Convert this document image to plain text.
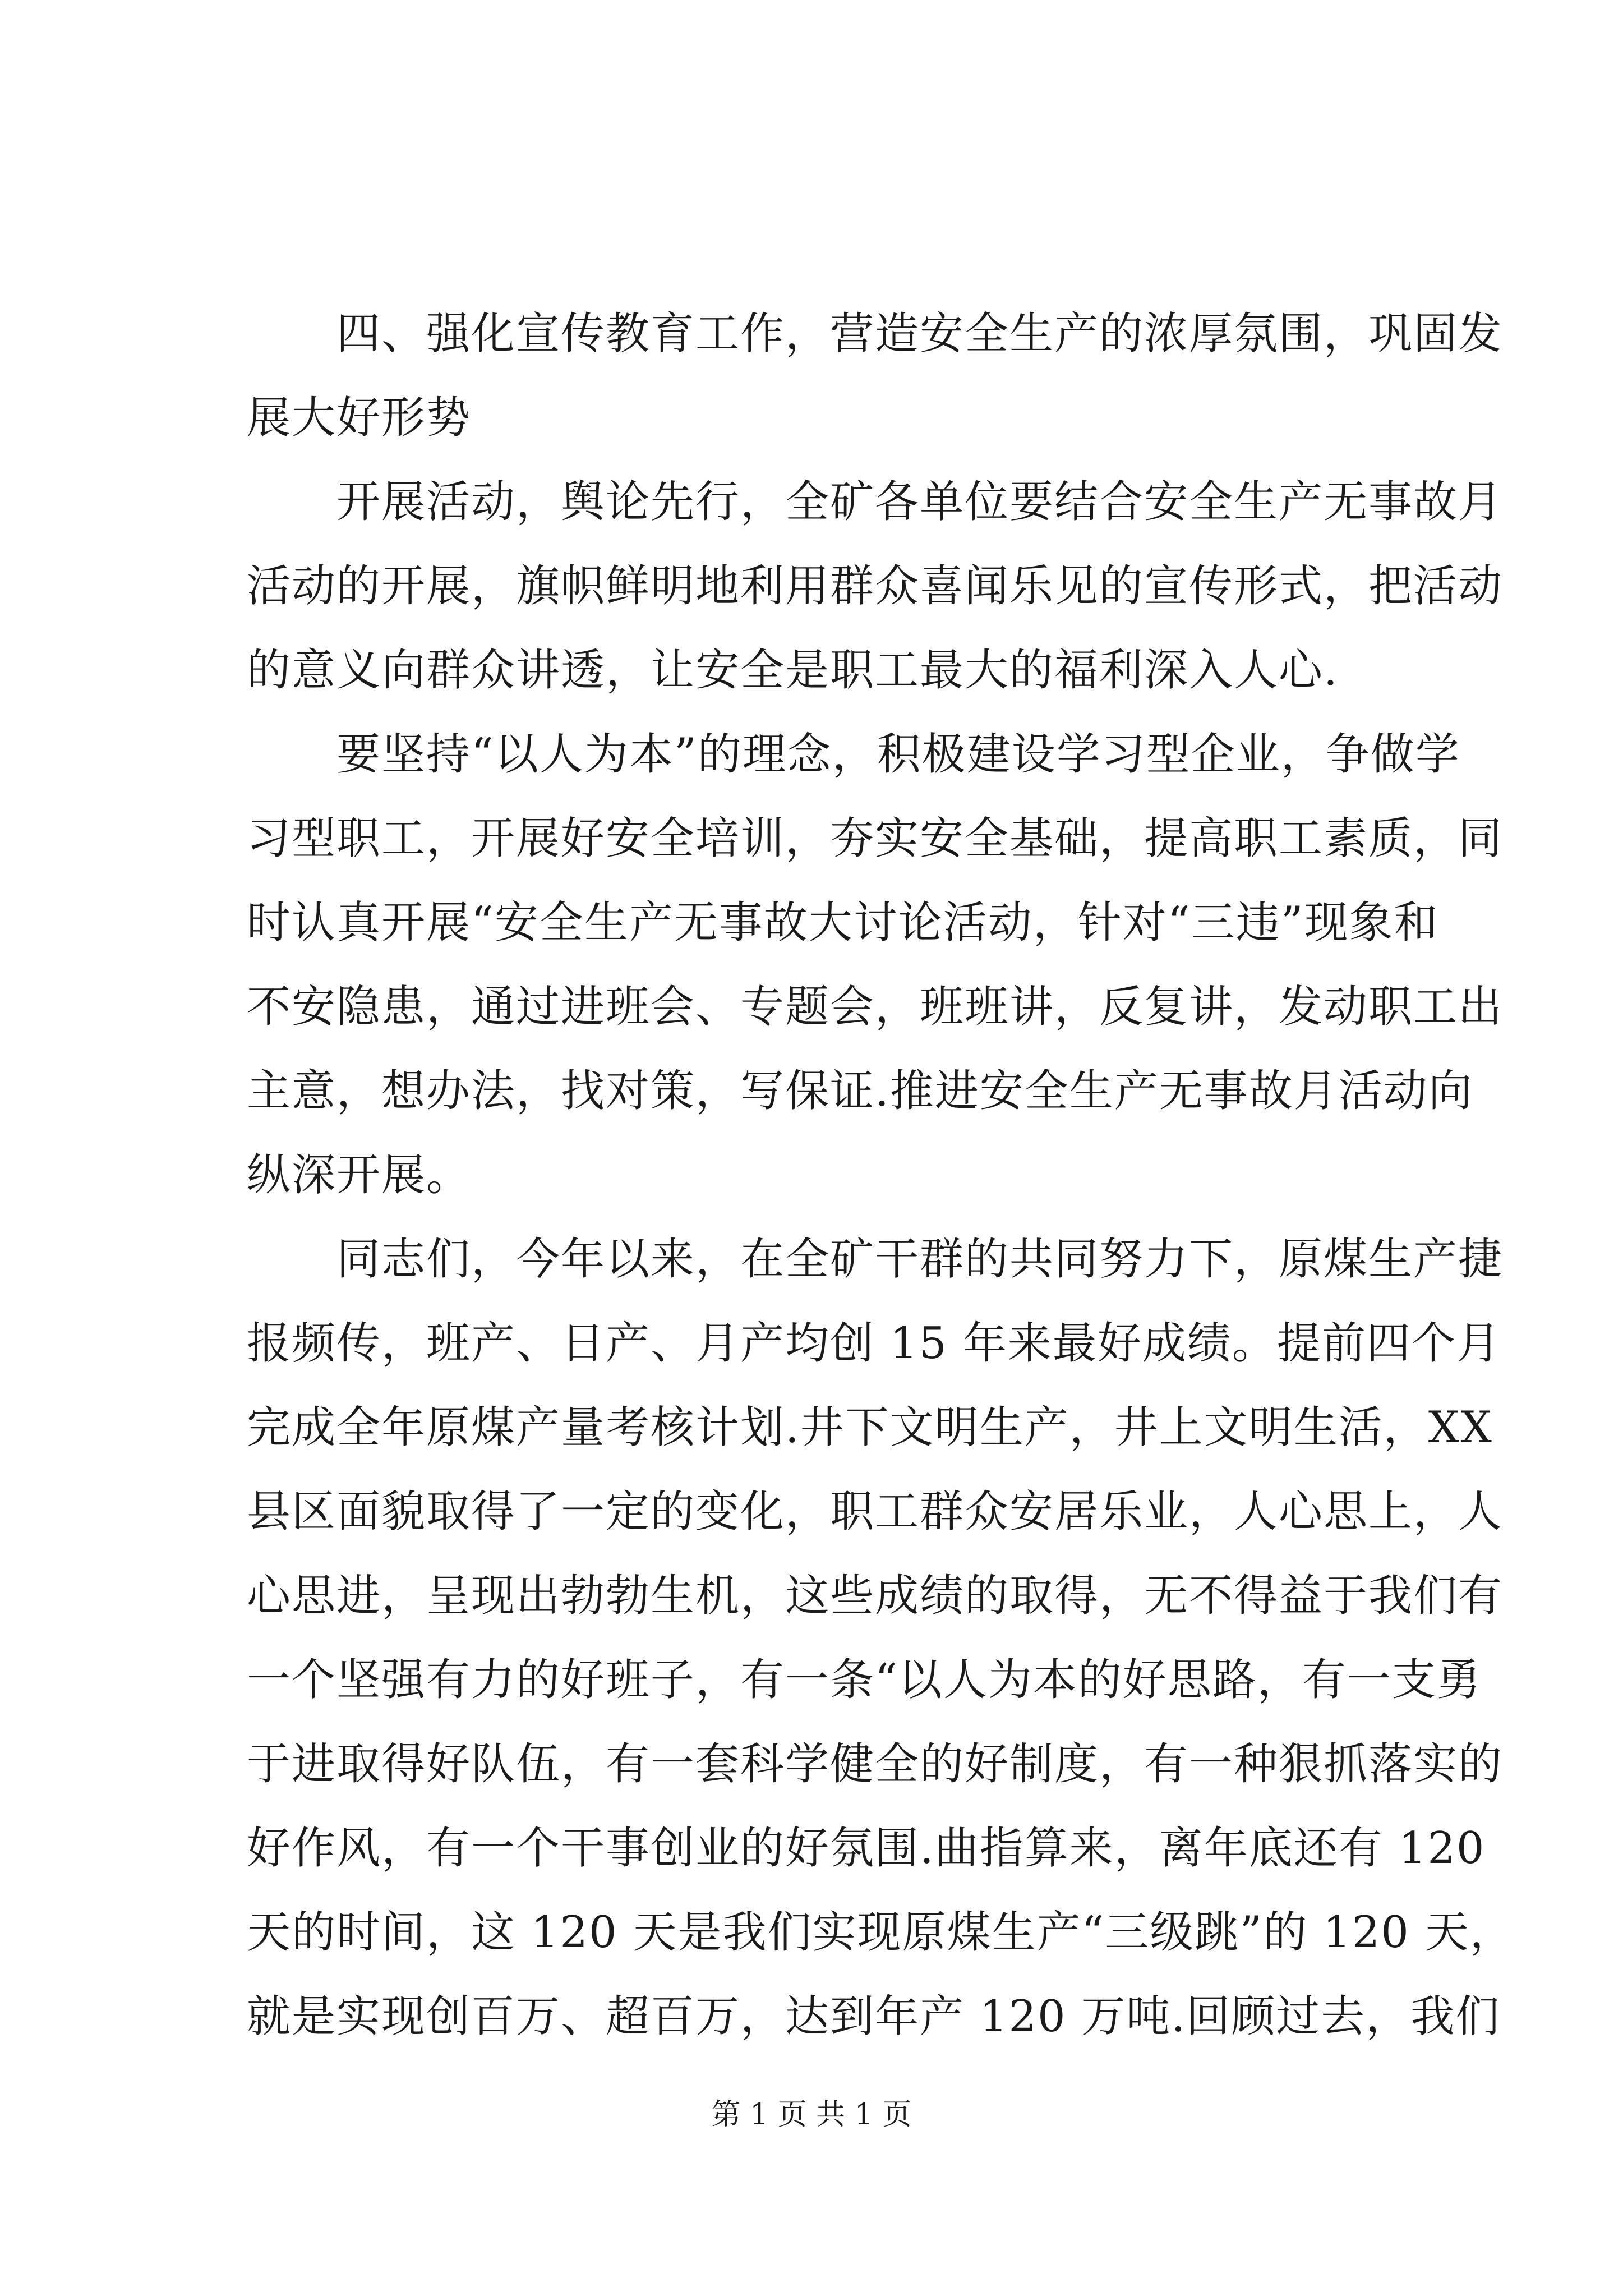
四、强化宣传教育工作，营造安全生产的浓厚氛围，巩固发
展大好形势
开展活动，舆论先行，全矿各单位要结合安全生产无事故月
活动的开展，旗帜鲜明地利用群众喜闻乐见的宣传形式，把活动
的意义向群众讲透，让安全是职工最大的福利深入人心.
要坚持“以人为本”的理念，积极建设学习型企业，争做学
习型职工，开展好安全培训，夯实安全基础，提高职工素质，同
时认真开展“安全生产无事故大讨论活动，针对“三违”现象和
不安隐患，通过进班会、专题会，班班讲，反复讲，发动职工出
主意，想办法，找对策，写保证.推进安全生产无事故月活动向
纵深开展。
同志们，今年以来，在全矿干群的共同努力下，原煤生产捷
报频传，班产、日产、月产均创 15 年来最好成绩。提前四个月
完成全年原煤产量考核计划.井下文明生产，井上文明生活，XX
县区面貌取得了一定的变化，职工群众安居乐业，人心思上，人
心思进，呈现出勃勃生机，这些成绩的取得，无不得益于我们有
一个坚强有力的好班子，有一条“以人为本的好思路，有一支勇
于进取得好队伍，有一套科学健全的好制度，有一种狠抓落实的
好作风，有一个干事创业的好氛围.曲指算来，离年底还有 120
天的时间，这 120 天是我们实现原煤生产“三级跳”的 120 天，
就是实现创百万、超百万，达到年产 120 万吨.回顾过去，我们
第 1 页 共 1 页
